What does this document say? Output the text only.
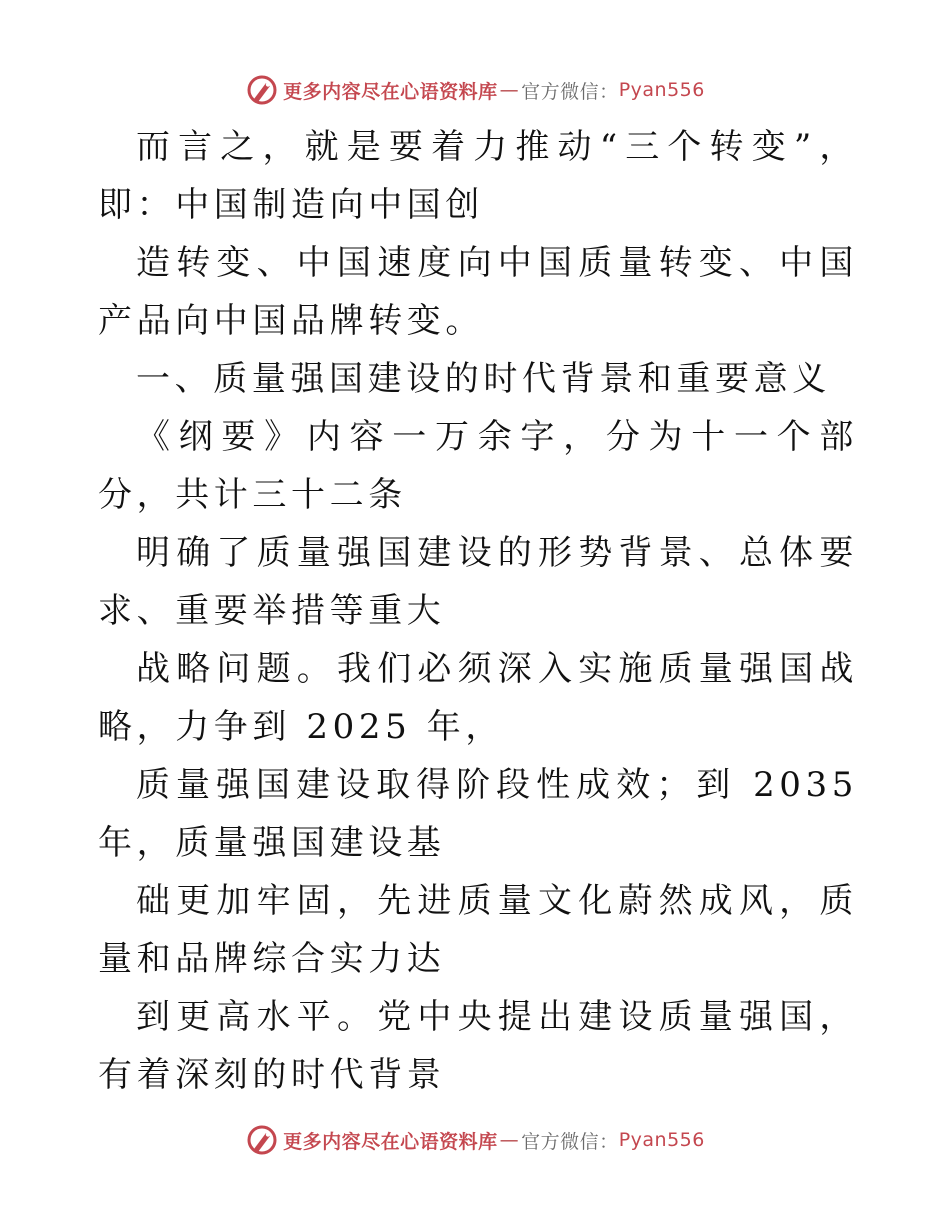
更多内容尽在心语资料库 — 官方微信： Pyan556

而言之，就是要着力推动“三个转变”，即：中国制造向中国创

造转变、中国速度向中国质量转变、中国产品向中国品牌转变。

一、质量强国建设的时代背景和重要意义

《纲要》内容一万余字，分为十一个部分，共计三十二条

明确了质量强国建设的形势背景、总体要求、重要举措等重大

战略问题。我们必须深入实施质量强国战略，力争到 2025 年，

质量强国建设取得阶段性成效；到 2035 年，质量强国建设基

础更加牢固，先进质量文化蔚然成风，质量和品牌综合实力达

到更高水平。党中央提出建设质量强国，有着深刻的时代背景

更多内容尽在心语资料库 — 官方微信： Pyan556
